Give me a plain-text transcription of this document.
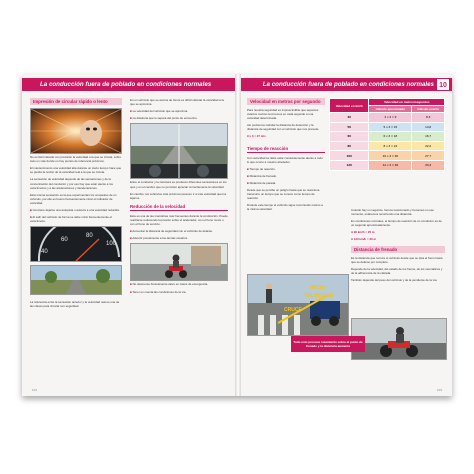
La conducción fuera de poblado en condiciones normales
Impresión de circular rápido o lento

No es fácil calcular con precisión la velocidad a la que se circula, sobre todo en vías donde no hay puntos de referencia próximos.

El mantenimiento una velocidad alta durante un cierto tiempo hace que se pierda la noción de la velocidad real a la que se circula.

La sensación de velocidad depende de las sensaciones y de la concentración del conductor y por eso hay que estar atento a los velocímetros y a las aceleraciones y deceleraciones.

Esta misma sensación es la que experimentan los ocupantes de un vehículo, por ello es bueno frecuentemente mirar el indicador de velocidad.

■ Conviene dejarse una autopista o autovía a una velocidad reducida.

■ Al salir del vehículo de forma se debe mirar frecuentemente el velocímetro.

40
60
80
100

La referencia entre la sensación anterior y la velocidad real es una de las claves para circular con seguridad.

En un vehículo que se acerca de frente es difícil calcular la velocidad a la que se aproxima.

■ La velocidad del vehículo que se aproxima.

■ La distancia que lo separa del punto de encuentro.

Entre el conductor y la carretera se producen diferentes sensaciones en los ojos y en el cerebro que no permiten apreciar correctamente la velocidad.

En cambio, los vehículos más próximos parecen ir a más velocidad que los lejanos.

Reducción de la velocidad

Esta es una de las maniobras más frecuentes durante la conducción. Puede realizarse reduciendo la presión sobre el acelerador, con el freno motor o con el freno de servicio.

■ Aumentar la distancia de seguridad con el vehículo de delante.

■ Advertir previamente a los demás usuarios.

■ No detenerse bruscamente salvo en casos de emergencia.

■ Tener en cuenta las condiciones de la vía.

102
La conducción fuera de poblado en condiciones normales 10
Velocidad en metros por segundo

Para nuestra seguridad es imprescindible que sepamos cuántos metros recorremos en cada segundo a una velocidad determinada.

Así podremos calcular la distancia de detención y la distancia de seguridad con el vehículo que nos precede.

9 x 3 = 27 m/s

Tiempo de reacción

Con velocidad se debe estar constantemente atento a todo lo que ocurre a nuestro alrededor.

■ Tiempo de reacción.

■ Distancia de frenado.

■ Distancia de parada.

Desde que se percibe un peligro hasta que se reacciona transcurre un tiempo que se conoce como tiempo de reacción.

Durante este tiempo el vehículo sigue recorriendo metros a la misma velocidad.

Velocidad en km/h	Velocidad en metros/segundos	
	Cálculo aproximado	Cálculo exacto
30	3 x 3 = 9	8,3
50	5 x 3 = 15	13,8
60	6 x 3 = 18	16,7
80	8 x 3 = 24	22,2
100	10 x 3 = 30	27,7
120	12 x 3 = 36	33,3

Cuando hay un segundo, hemos reaccionado y frenamos en ese momento, estaremos recorriendo una distancia.

En condiciones normales, el tiempo de reacción de un conductor es de un segundo aproximadamente.

A 90 km/h = 25 m

A 120 km/h = 33 m

Distancia de frenado

Es la distancia que recorre el vehículo desde que se pisa el freno hasta que se detiene por completo.

Depende de la velocidad, del estado de los frenos, de los neumáticos y de la adherencia de la calzada.

También depende del peso del vehículo y de la pendiente de la vía.

INICIO
VELOCIDAD
CRUCE
Todo esto provoca rozamiento sobre el punto de frenado y la distancia aumenta
103
